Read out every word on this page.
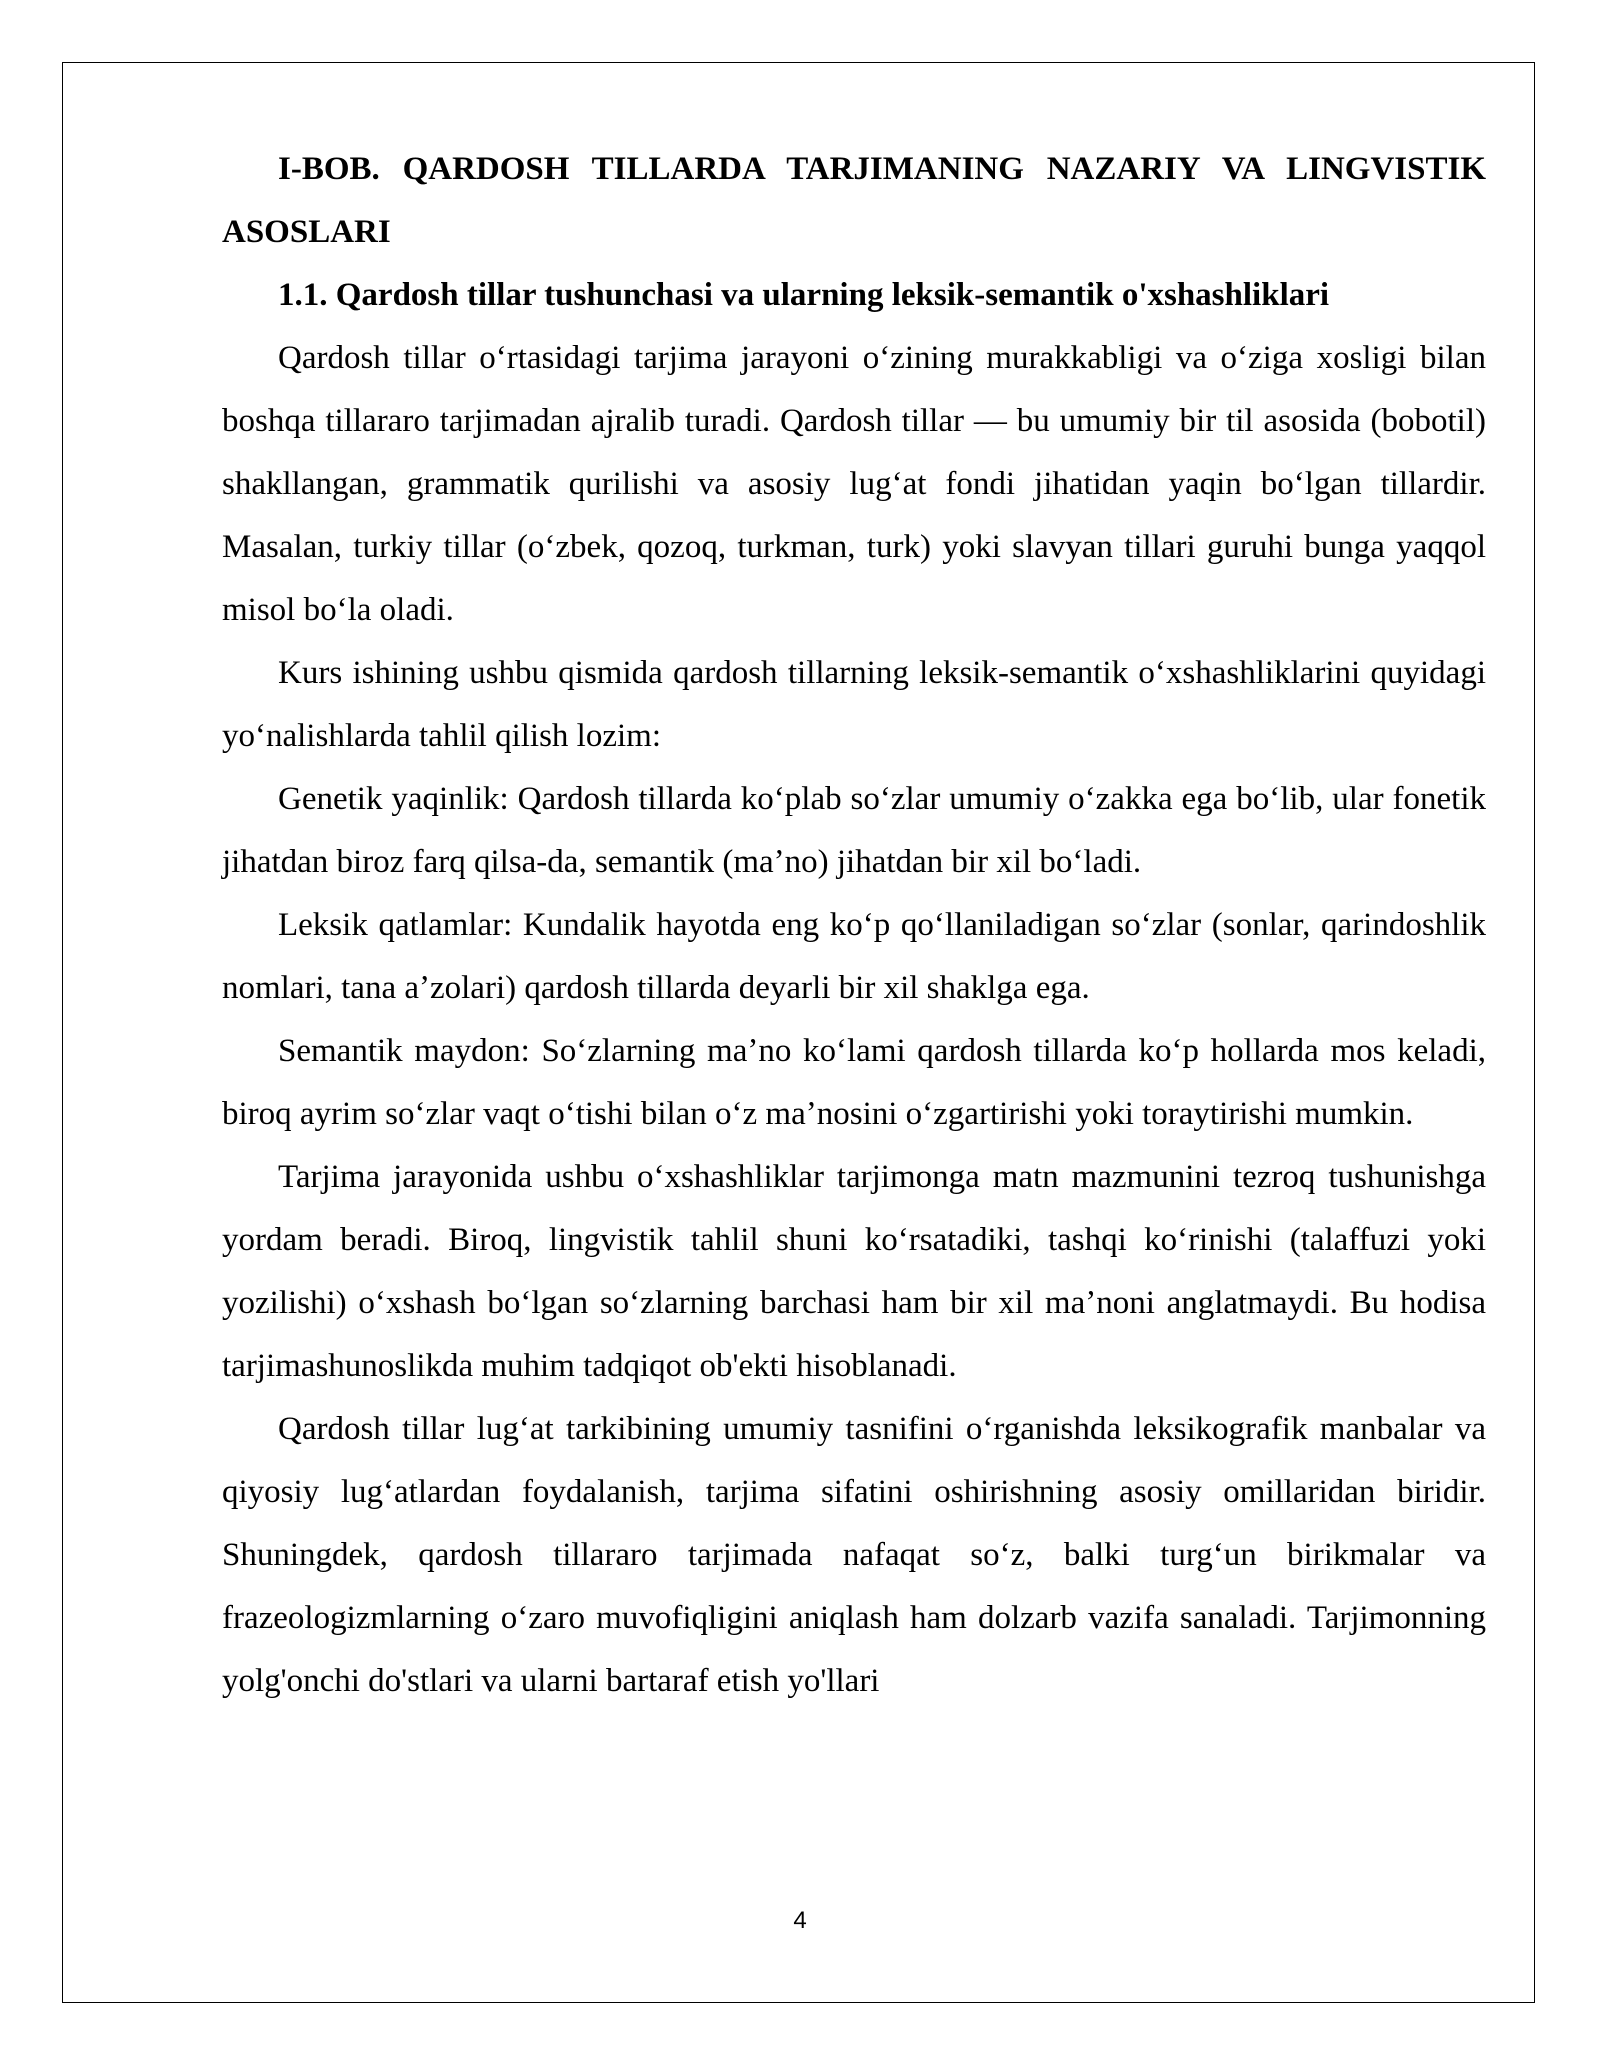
I-BOB. QARDOSH TILLARDA TARJIMANING NAZARIY VA LINGVISTIK ASOSLARI

1.1. Qardosh tillar tushunchasi va ularning leksik-semantik o'xshashliklari

Qardosh tillar oʻrtasidagi tarjima jarayoni oʻzining murakkabligi va oʻziga xosligi bilan boshqa tillararo tarjimadan ajralib turadi. Qardosh tillar — bu umumiy bir til asosida (bobotil) shakllangan, grammatik qurilishi va asosiy lugʻat fondi jihatidan yaqin boʻlgan tillardir. Masalan, turkiy tillar (oʻzbek, qozoq, turkman, turk) yoki slavyan tillari guruhi bunga yaqqol misol boʻla oladi.

Kurs ishining ushbu qismida qardosh tillarning leksik-semantik oʻxshashliklarini quyidagi yoʻnalishlarda tahlil qilish lozim:

Genetik yaqinlik: Qardosh tillarda koʻplab soʻzlar umumiy oʻzakka ega boʻlib, ular fonetik jihatdan biroz farq qilsa-da, semantik (maʼno) jihatdan bir xil boʻladi.

Leksik qatlamlar: Kundalik hayotda eng koʻp qoʻllaniladigan soʻzlar (sonlar, qarindoshlik nomlari, tana aʼzolari) qardosh tillarda deyarli bir xil shaklga ega.

Semantik maydon: Soʻzlarning maʼno koʻlami qardosh tillarda koʻp hollarda mos keladi, biroq ayrim soʻzlar vaqt oʻtishi bilan oʻz maʼnosini oʻzgartirishi yoki toraytirishi mumkin.

Tarjima jarayonida ushbu oʻxshashliklar tarjimonga matn mazmunini tezroq tushunishga yordam beradi. Biroq, lingvistik tahlil shuni koʻrsatadiki, tashqi koʻrinishi (talaffuzi yoki yozilishi) oʻxshash boʻlgan soʻzlarning barchasi ham bir xil maʼnoni anglatmaydi. Bu hodisa tarjimashunoslikda muhim tadqiqot ob'ekti hisoblanadi.

Qardosh tillar lugʻat tarkibining umumiy tasnifini oʻrganishda leksikografik manbalar va qiyosiy lugʻatlardan foydalanish, tarjima sifatini oshirishning asosiy omillaridan biridir. Shuningdek, qardosh tillararo tarjimada nafaqat soʻz, balki turgʻun birikmalar va frazeologizmlarning oʻzaro muvofiqligini aniqlash ham dolzarb vazifa sanaladi. Tarjimonning yolg'onchi do'stlari va ularni bartaraf etish yo'llari

4
